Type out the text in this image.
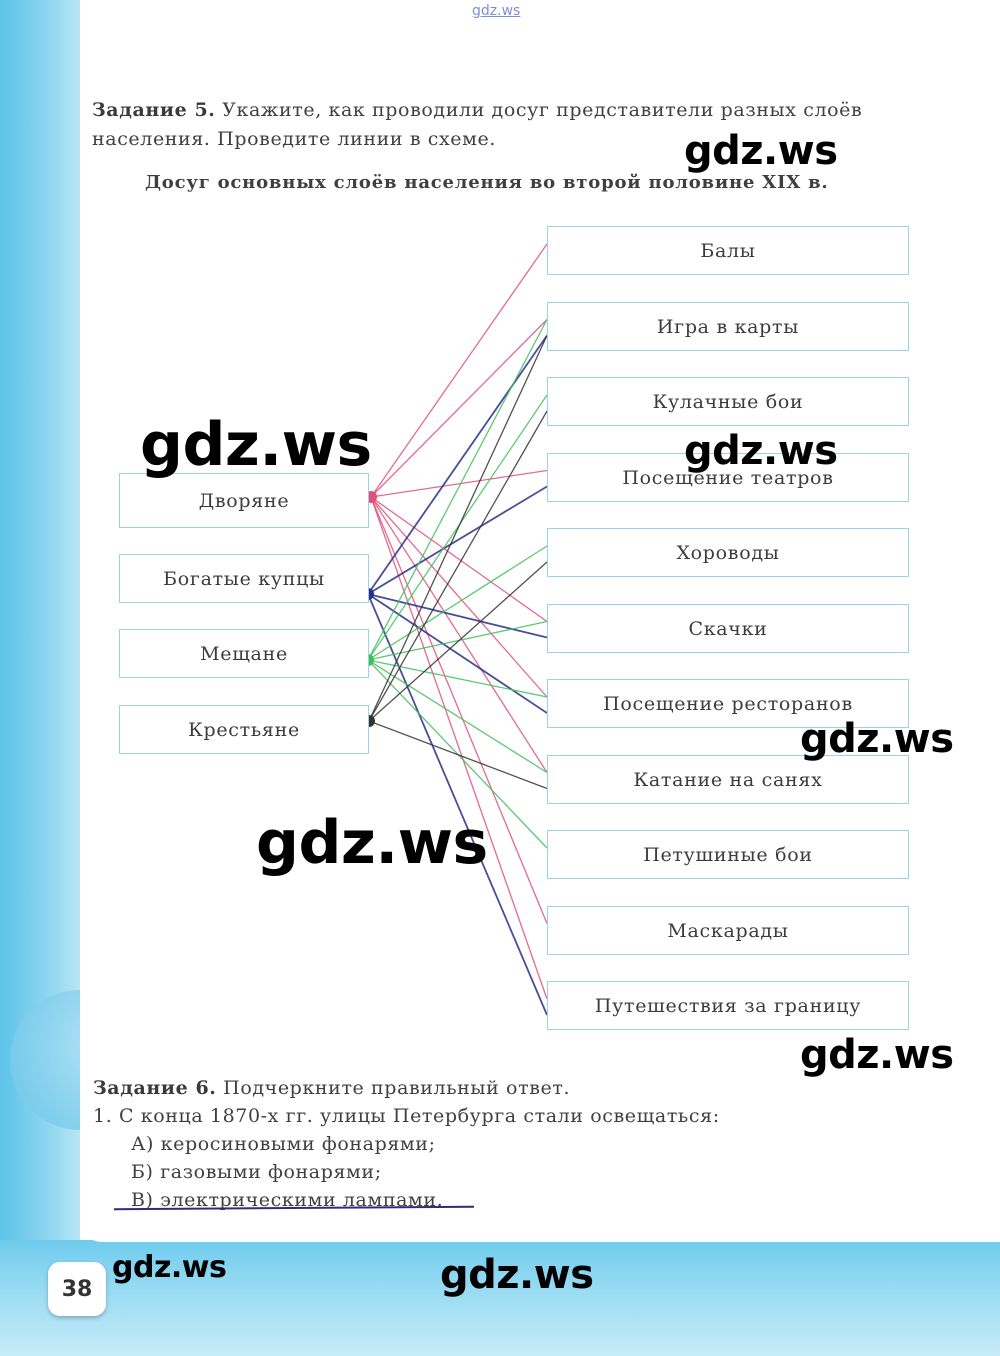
gdz.ws
Задание 5. Укажите, как проводили досуг представители разных слоёв населения. Проведите линии в схеме.
Досуг основных слоёв населения во второй половине XIX в.
Дворяне
Богатые купцы
Мещане
Крестьяне
Балы
Игра в карты
Кулачные бои
Посещение театров
Хороводы
Скачки
Посещение ресторанов
Катание на санях
Петушиные бои
Маскарады
Путешествия за границу
Задание 6. Подчеркните правильный ответ.
1. С конца 1870-х гг. улицы Петербурга стали освещаться:
А) керосиновыми фонарями;
Б) газовыми фонарями;
В) электрическими лампами.
38
gdz.ws
gdz.ws	gdz.ws
gdz.ws
gdz.ws
gdz.ws
gdz.ws	gdz.ws
